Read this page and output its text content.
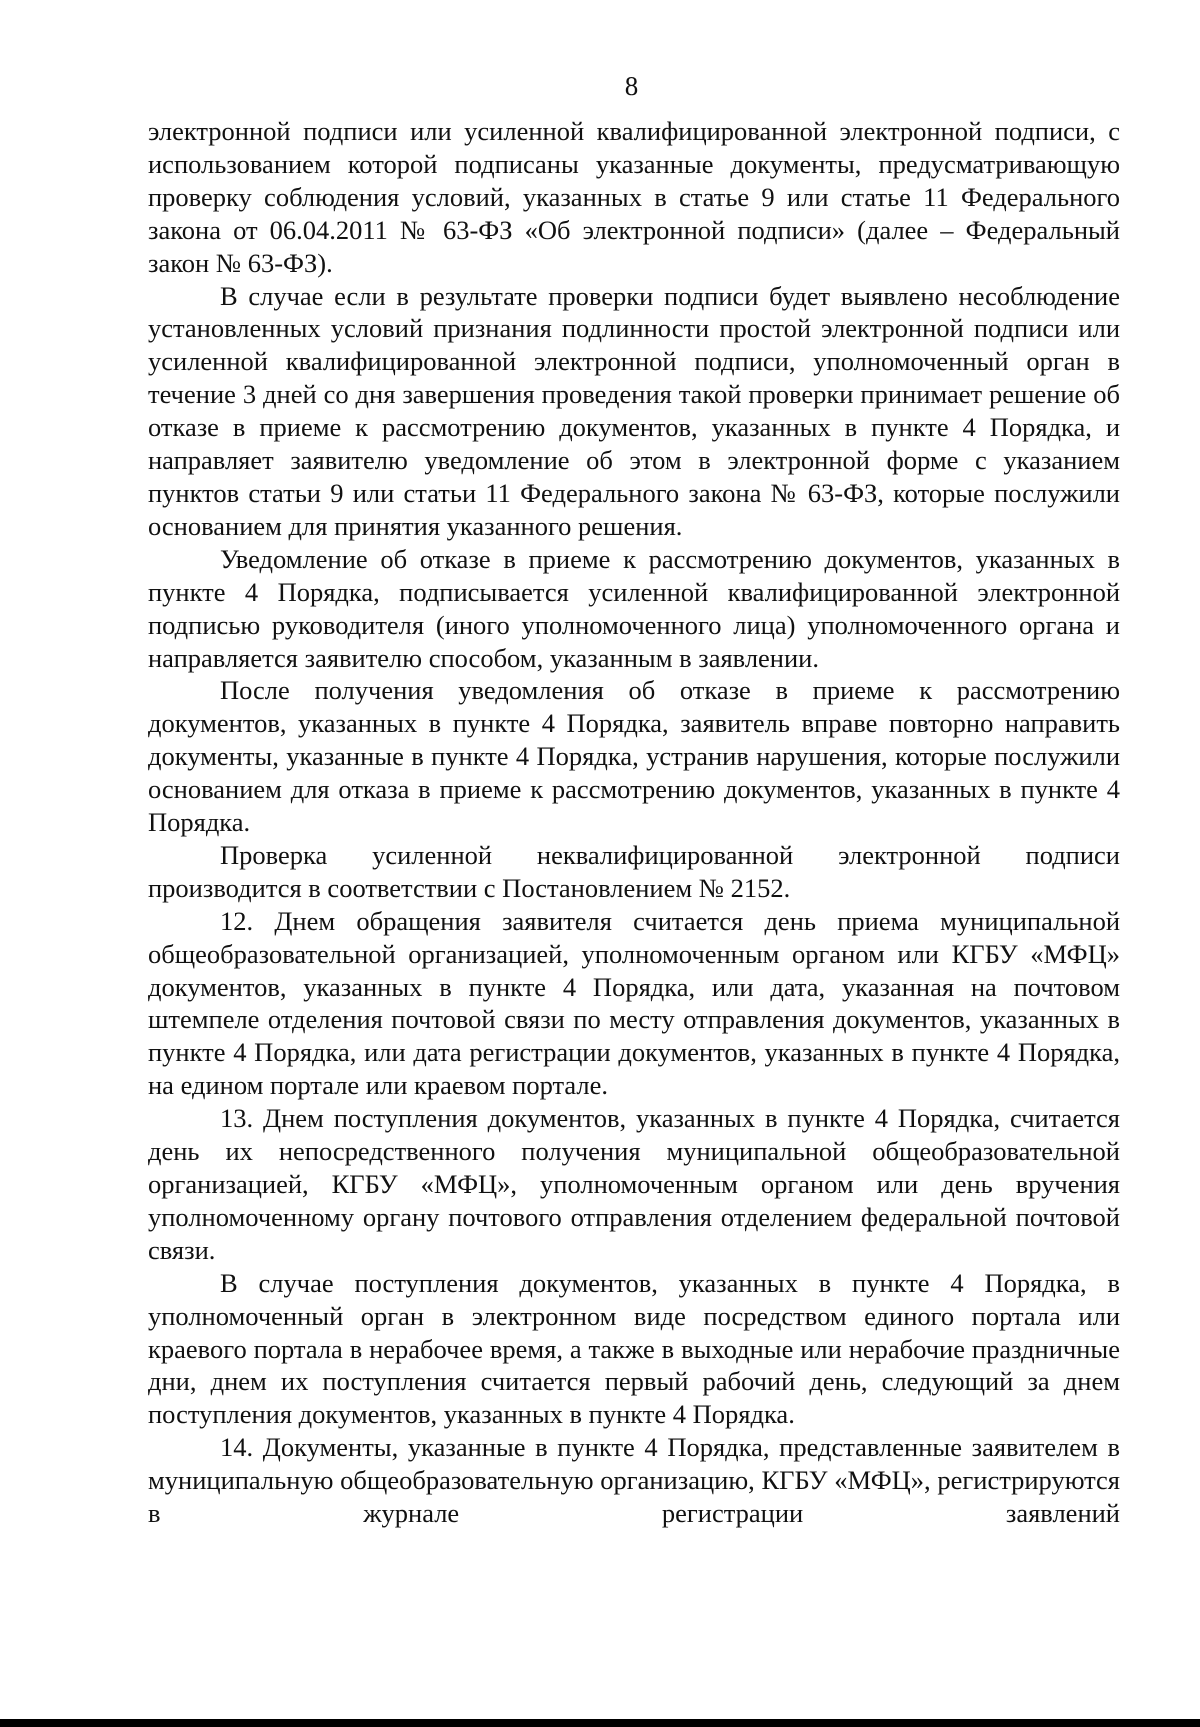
8

электронной подписи или усиленной квалифицированной электронной подписи, с использованием которой подписаны указанные документы, предусматривающую проверку соблюдения условий, указанных в статье 9 или статье 11 Федерального закона от 06.04.2011 № 63-ФЗ «Об электронной подписи» (далее – Федеральный закон № 63-ФЗ).

В случае если в результате проверки подписи будет выявлено несоблюдение установленных условий признания подлинности простой электронной подписи или усиленной квалифицированной электронной подписи, уполномоченный орган в течение 3 дней со дня завершения проведения такой проверки принимает решение об отказе в приеме к рассмотрению документов, указанных в пункте 4 Порядка, и направляет заявителю уведомление об этом в электронной форме с указанием пунктов статьи 9 или статьи 11 Федерального закона № 63-ФЗ, которые послужили основанием для принятия указанного решения.

Уведомление об отказе в приеме к рассмотрению документов, указанных в пункте 4 Порядка, подписывается усиленной квалифицированной электронной подписью руководителя (иного уполномоченного лица) уполномоченного органа и направляется заявителю способом, указанным в заявлении.

После получения уведомления об отказе в приеме к рассмотрению документов, указанных в пункте 4 Порядка, заявитель вправе повторно направить документы, указанные в пункте 4 Порядка, устранив нарушения, которые послужили основанием для отказа в приеме к рассмотрению документов, указанных в пункте 4 Порядка.

Проверка усиленной неквалифицированной электронной подписи производится в соответствии с Постановлением № 2152.

12. Днем обращения заявителя считается день приема муниципальной общеобразовательной организацией, уполномоченным органом или КГБУ «МФЦ» документов, указанных в пункте 4 Порядка, или дата, указанная на почтовом штемпеле отделения почтовой связи по месту отправления документов, указанных в пункте 4 Порядка, или дата регистрации документов, указанных в пункте 4 Порядка, на едином портале или краевом портале.

13. Днем поступления документов, указанных в пункте 4 Порядка, считается день их непосредственного получения муниципальной общеобразовательной организацией, КГБУ «МФЦ», уполномоченным органом или день вручения уполномоченному органу почтового отправления отделением федеральной почтовой связи.

В случае поступления документов, указанных в пункте 4 Порядка, в уполномоченный орган в электронном виде посредством единого портала или краевого портала в нерабочее время, а также в выходные или нерабочие праздничные дни, днем их поступления считается первый рабочий день, следующий за днем поступления документов, указанных в пункте 4 Порядка.

14. Документы, указанные в пункте 4 Порядка, представленные заявителем в муниципальную общеобразовательную организацию, КГБУ «МФЦ», регистрируются в журнале регистрации заявлений
